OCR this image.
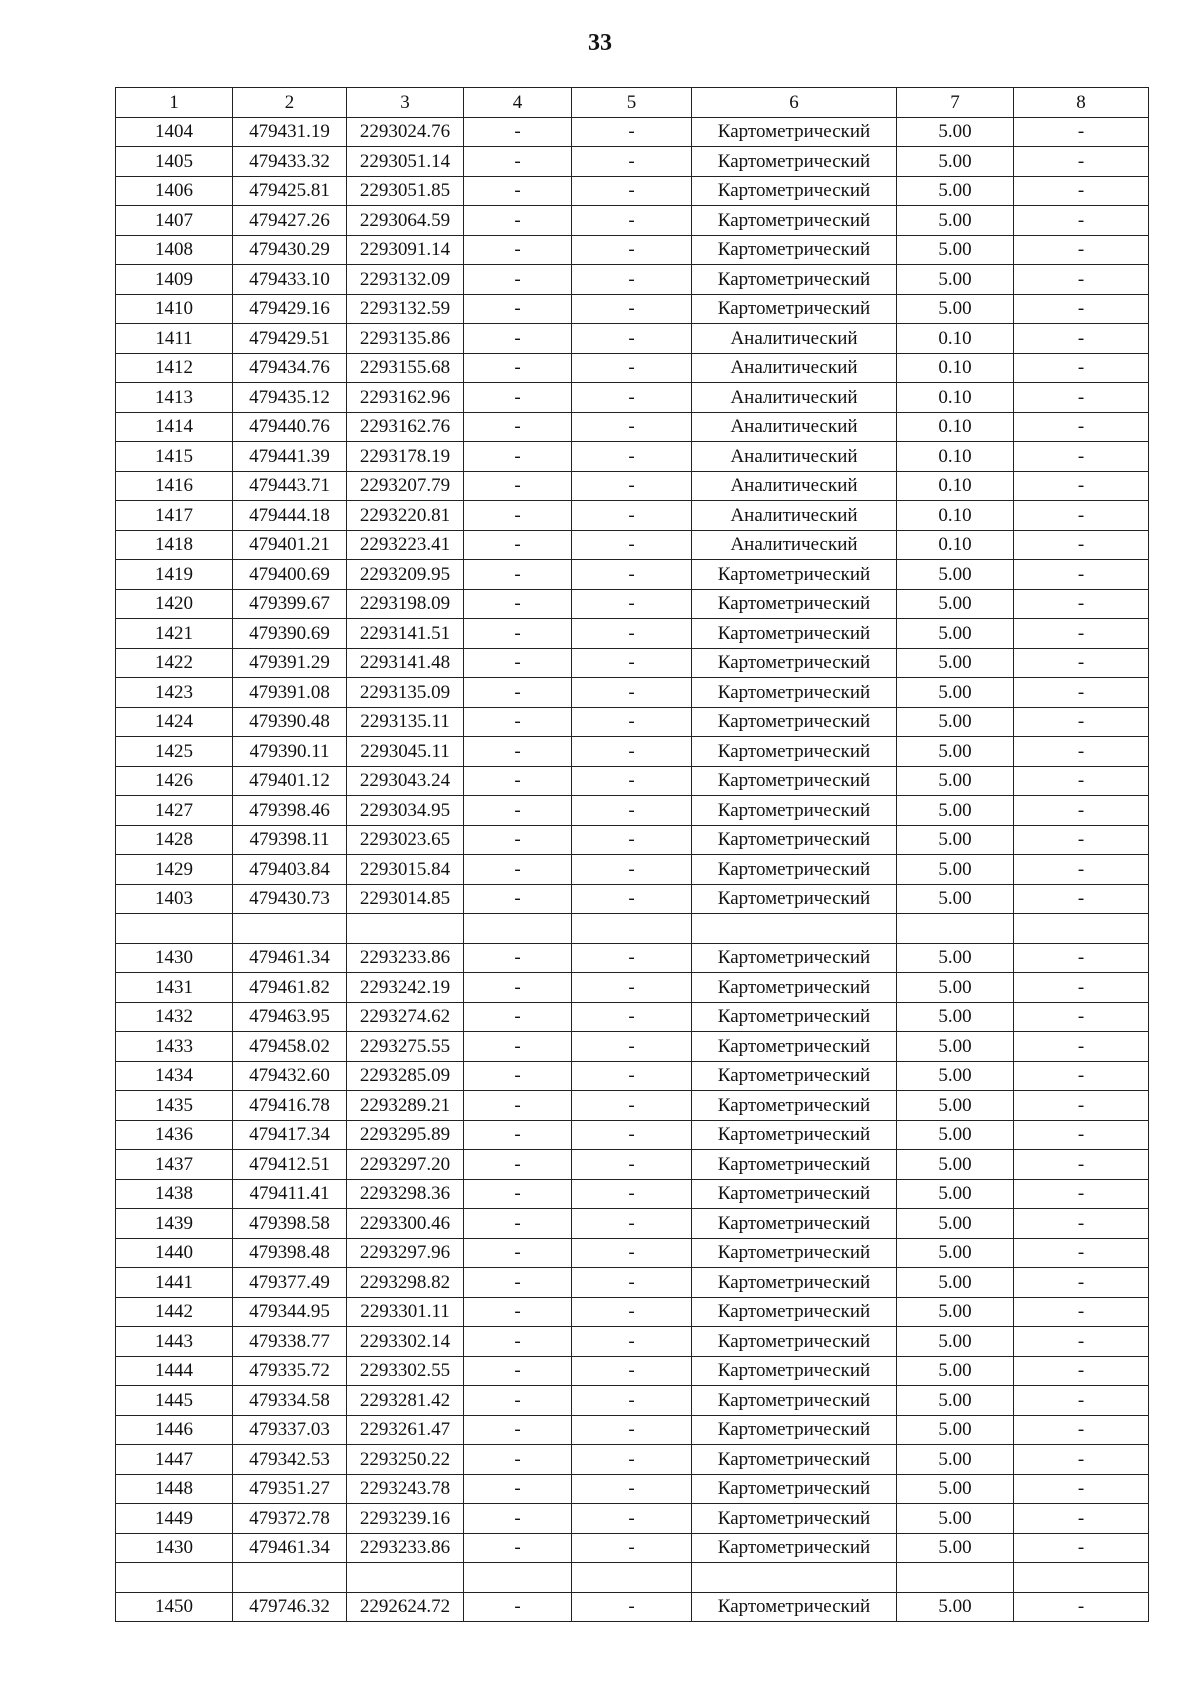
33
1	2	3	4	5	6	7	8
1404	479431.19	2293024.76	-	-	Картометрический	5.00	-
1405	479433.32	2293051.14	-	-	Картометрический	5.00	-
1406	479425.81	2293051.85	-	-	Картометрический	5.00	-
1407	479427.26	2293064.59	-	-	Картометрический	5.00	-
1408	479430.29	2293091.14	-	-	Картометрический	5.00	-
1409	479433.10	2293132.09	-	-	Картометрический	5.00	-
1410	479429.16	2293132.59	-	-	Картометрический	5.00	-
1411	479429.51	2293135.86	-	-	Аналитический	0.10	-
1412	479434.76	2293155.68	-	-	Аналитический	0.10	-
1413	479435.12	2293162.96	-	-	Аналитический	0.10	-
1414	479440.76	2293162.76	-	-	Аналитический	0.10	-
1415	479441.39	2293178.19	-	-	Аналитический	0.10	-
1416	479443.71	2293207.79	-	-	Аналитический	0.10	-
1417	479444.18	2293220.81	-	-	Аналитический	0.10	-
1418	479401.21	2293223.41	-	-	Аналитический	0.10	-
1419	479400.69	2293209.95	-	-	Картометрический	5.00	-
1420	479399.67	2293198.09	-	-	Картометрический	5.00	-
1421	479390.69	2293141.51	-	-	Картометрический	5.00	-
1422	479391.29	2293141.48	-	-	Картометрический	5.00	-
1423	479391.08	2293135.09	-	-	Картометрический	5.00	-
1424	479390.48	2293135.11	-	-	Картометрический	5.00	-
1425	479390.11	2293045.11	-	-	Картометрический	5.00	-
1426	479401.12	2293043.24	-	-	Картометрический	5.00	-
1427	479398.46	2293034.95	-	-	Картометрический	5.00	-
1428	479398.11	2293023.65	-	-	Картометрический	5.00	-
1429	479403.84	2293015.84	-	-	Картометрический	5.00	-
1403	479430.73	2293014.85	-	-	Картометрический	5.00	-

1430	479461.34	2293233.86	-	-	Картометрический	5.00	-
1431	479461.82	2293242.19	-	-	Картометрический	5.00	-
1432	479463.95	2293274.62	-	-	Картометрический	5.00	-
1433	479458.02	2293275.55	-	-	Картометрический	5.00	-
1434	479432.60	2293285.09	-	-	Картометрический	5.00	-
1435	479416.78	2293289.21	-	-	Картометрический	5.00	-
1436	479417.34	2293295.89	-	-	Картометрический	5.00	-
1437	479412.51	2293297.20	-	-	Картометрический	5.00	-
1438	479411.41	2293298.36	-	-	Картометрический	5.00	-
1439	479398.58	2293300.46	-	-	Картометрический	5.00	-
1440	479398.48	2293297.96	-	-	Картометрический	5.00	-
1441	479377.49	2293298.82	-	-	Картометрический	5.00	-
1442	479344.95	2293301.11	-	-	Картометрический	5.00	-
1443	479338.77	2293302.14	-	-	Картометрический	5.00	-
1444	479335.72	2293302.55	-	-	Картометрический	5.00	-
1445	479334.58	2293281.42	-	-	Картометрический	5.00	-
1446	479337.03	2293261.47	-	-	Картометрический	5.00	-
1447	479342.53	2293250.22	-	-	Картометрический	5.00	-
1448	479351.27	2293243.78	-	-	Картометрический	5.00	-
1449	479372.78	2293239.16	-	-	Картометрический	5.00	-
1430	479461.34	2293233.86	-	-	Картометрический	5.00	-

1450	479746.32	2292624.72	-	-	Картометрический	5.00	-
